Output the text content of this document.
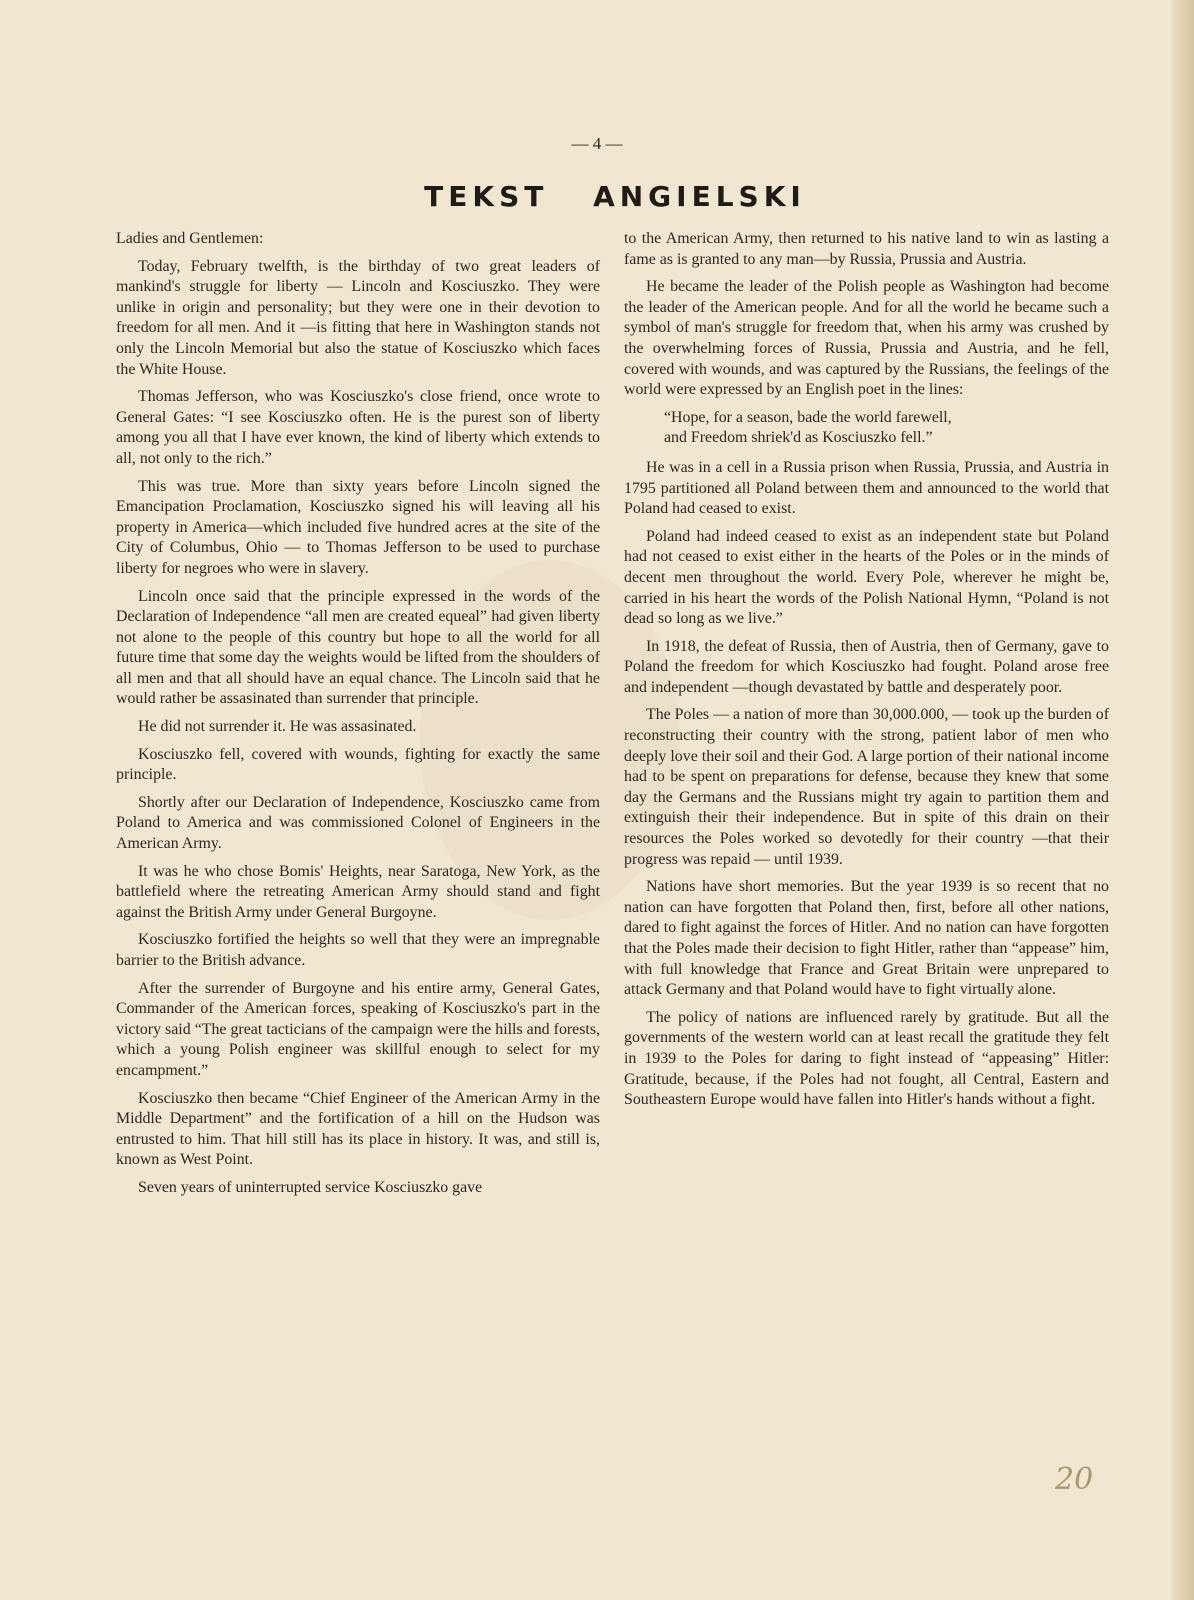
— 4 —
TEKST ANGIELSKI

Ladies and Gentlemen:

Today, February twelfth, is the birthday of two great leaders of mankind's struggle for liberty — Lincoln and Kosciuszko. They were unlike in origin and personality; but they were one in their devotion to freedom for all men. And it —is fitting that here in Washington stands not only the Lincoln Memorial but also the statue of Kosciuszko which faces the White House.

Thomas Jefferson, who was Kosciuszko's close friend, once wrote to General Gates: “I see Kosciuszko often. He is the purest son of liberty among you all that I have ever known, the kind of liberty which extends to all, not only to the rich.”

This was true. More than sixty years before Lincoln signed the Emancipation Proclamation, Kosciuszko signed his will leaving all his property in America—which included five hundred acres at the site of the City of Columbus, Ohio — to Thomas Jefferson to be used to purchase liberty for negroes who were in slavery.

Lincoln once said that the principle expressed in the words of the Declaration of Independence “all men are created equeal” had given liberty not alone to the people of this country but hope to all the world for all future time that some day the weights would be lifted from the shoulders of all men and that all should have an equal chance. The Lincoln said that he would rather be assasinated than surrender that principle.

He did not surrender it. He was assasinated.

Kosciuszko fell, covered with wounds, fighting for exactly the same principle.

Shortly after our Declaration of Independence, Kosciuszko came from Poland to America and was commissioned Colonel of Engineers in the American Army.

It was he who chose Bomis' Heights, near Saratoga, New York, as the battlefield where the retreating American Army should stand and fight against the British Army under General Burgoyne.

Kosciuszko fortified the heights so well that they were an impregnable barrier to the British advance.

After the surrender of Burgoyne and his entire army, General Gates, Commander of the American forces, speaking of Kosciuszko's part in the victory said “The great tacticians of the campaign were the hills and forests, which a young Polish engineer was skillful enough to select for my encampment.”

Kosciuszko then became “Chief Engineer of the American Army in the Middle Department” and the fortification of a hill on the Hudson was entrusted to him. That hill still has its place in history. It was, and still is, known as West Point.

Seven years of uninterrupted service Kosciuszko gave

to the American Army, then returned to his native land to win as lasting a fame as is granted to any man—by Russia, Prussia and Austria.

He became the leader of the Polish people as Washington had become the leader of the American people. And for all the world he became such a symbol of man's struggle for freedom that, when his army was crushed by the overwhelming forces of Russia, Prussia and Austria, and he fell, covered with wounds, and was captured by the Russians, the feelings of the world were expressed by an English poet in the lines:

“Hope, for a season, bade the world farewell,
and Freedom shriek'd as Kosciuszko fell.”

He was in a cell in a Russia prison when Russia, Prussia, and Austria in 1795 partitioned all Poland between them and announced to the world that Poland had ceased to exist.

Poland had indeed ceased to exist as an independent state but Poland had not ceased to exist either in the hearts of the Poles or in the minds of decent men throughout the world. Every Pole, wherever he might be, carried in his heart the words of the Polish National Hymn, “Poland is not dead so long as we live.”

In 1918, the defeat of Russia, then of Austria, then of Germany, gave to Poland the freedom for which Kosciuszko had fought. Poland arose free and independent —though devastated by battle and desperately poor.

The Poles — a nation of more than 30,000.000, — took up the burden of reconstructing their country with the strong, patient labor of men who deeply love their soil and their God. A large portion of their national income had to be spent on preparations for defense, because they knew that some day the Germans and the Russians might try again to partition them and extinguish their their independence. But in spite of this drain on their resources the Poles worked so devotedly for their country —that their progress was repaid — until 1939.

Nations have short memories. But the year 1939 is so recent that no nation can have forgotten that Poland then, first, before all other nations, dared to fight against the forces of Hitler. And no nation can have forgotten that the Poles made their decision to fight Hitler, rather than “appease” him, with full knowledge that France and Great Britain were unprepared to attack Germany and that Poland would have to fight virtually alone.

The policy of nations are influenced rarely by gratitude. But all the governments of the western world can at least recall the gratitude they felt in 1939 to the Poles for daring to fight instead of “appeasing” Hitler: Gratitude, because, if the Poles had not fought, all Central, Eastern and Southeastern Europe would have fallen into Hitler's hands without a fight.

20
